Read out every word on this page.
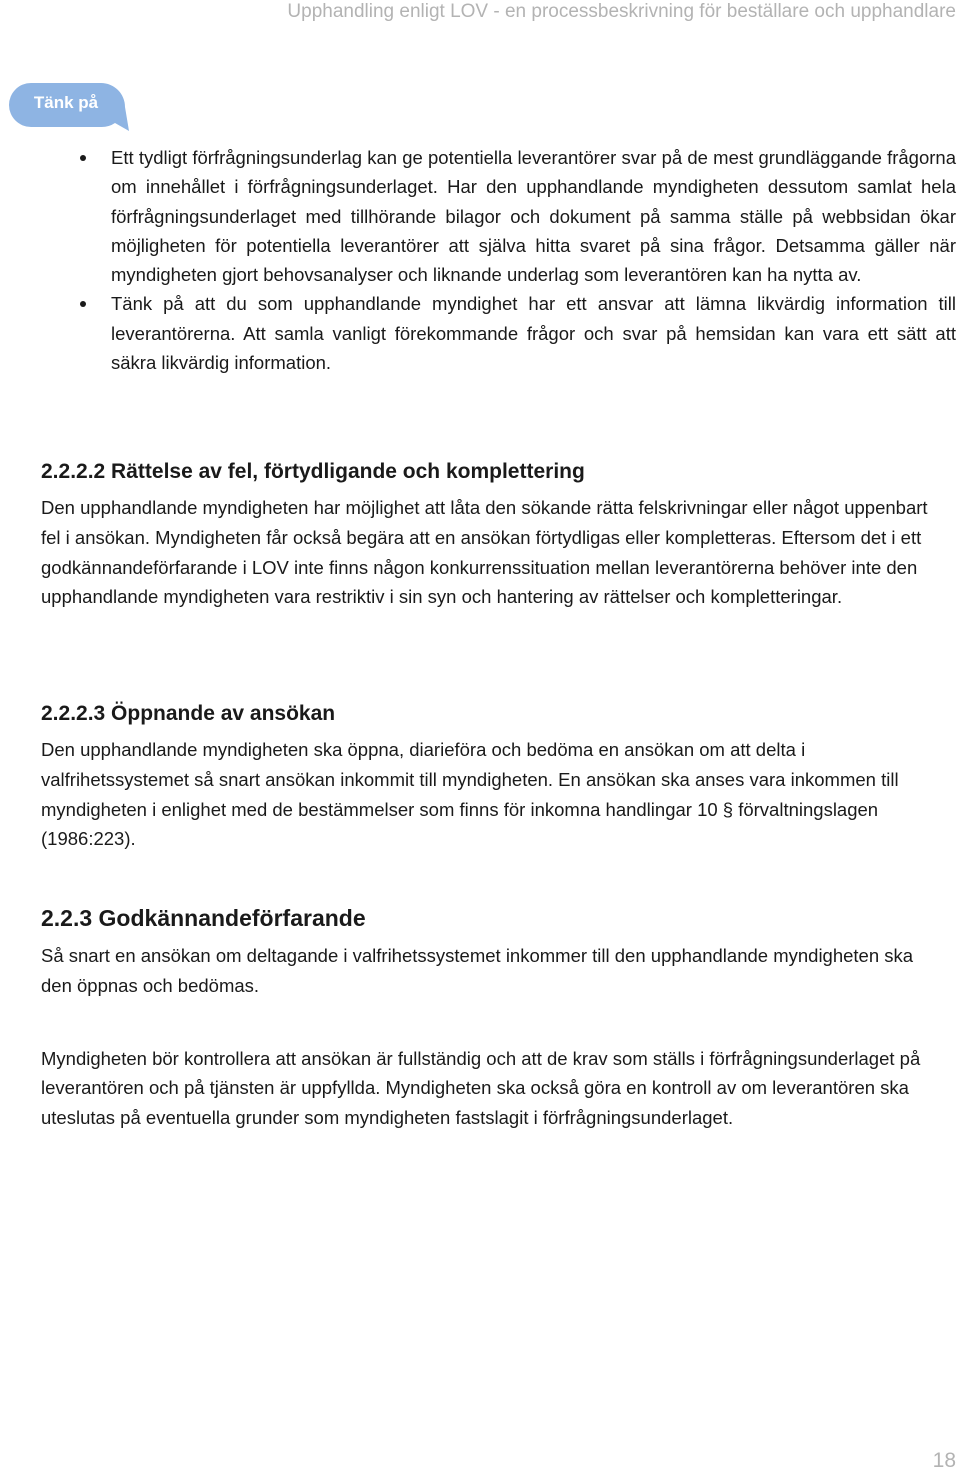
Upphandling enligt LOV - en processbeskrivning för beställare och upphandlare
Tänk på
Ett tydligt förfrågningsunderlag kan ge potentiella leverantörer svar på de mest grundläggande frågorna om innehållet i förfrågningsunderlaget. Har den upphandlande myndigheten dessutom samlat hela förfrågningsunderlaget med tillhörande bilagor och dokument på samma ställe på webbsidan ökar möjligheten för potentiella leverantörer att själva hitta svaret på sina frågor. Detsamma gäller när myndigheten gjort behovsanalyser och liknande underlag som leverantören kan ha nytta av.
Tänk på att du som upphandlande myndighet har ett ansvar att lämna likvärdig information till leverantörerna. Att samla vanligt förekommande frågor och svar på hemsidan kan vara ett sätt att säkra likvärdig information.
2.2.2.2 Rättelse av fel, förtydligande och komplettering

Den upphandlande myndigheten har möjlighet att låta den sökande rätta felskrivningar eller något uppenbart fel i ansökan. Myndigheten får också begära att en ansökan förtydligas eller kompletteras. Eftersom det i ett godkännandeförfarande i LOV inte finns någon konkurrenssituation mellan leverantörerna behöver inte den upphandlande myndigheten vara restriktiv i sin syn och hantering av rättelser och kompletteringar.

2.2.2.3 Öppnande av ansökan

Den upphandlande myndigheten ska öppna, diarieföra och bedöma en ansökan om att delta i valfrihetssystemet så snart ansökan inkommit till myndigheten. En ansökan ska anses vara inkommen till myndigheten i enlighet med de bestämmelser som finns för inkomna handlingar 10 § förvaltningslagen (1986:223).

2.2.3 Godkännandeförfarande

Så snart en ansökan om deltagande i valfrihetssystemet inkommer till den upphandlande myndigheten ska den öppnas och bedömas.

Myndigheten bör kontrollera att ansökan är fullständig och att de krav som ställs i förfrågningsunderlaget på leverantören och på tjänsten är uppfyllda. Myndigheten ska också göra en kontroll av om leverantören ska uteslutas på eventuella grunder som myndigheten fastslagit i förfrågningsunderlaget.

18
